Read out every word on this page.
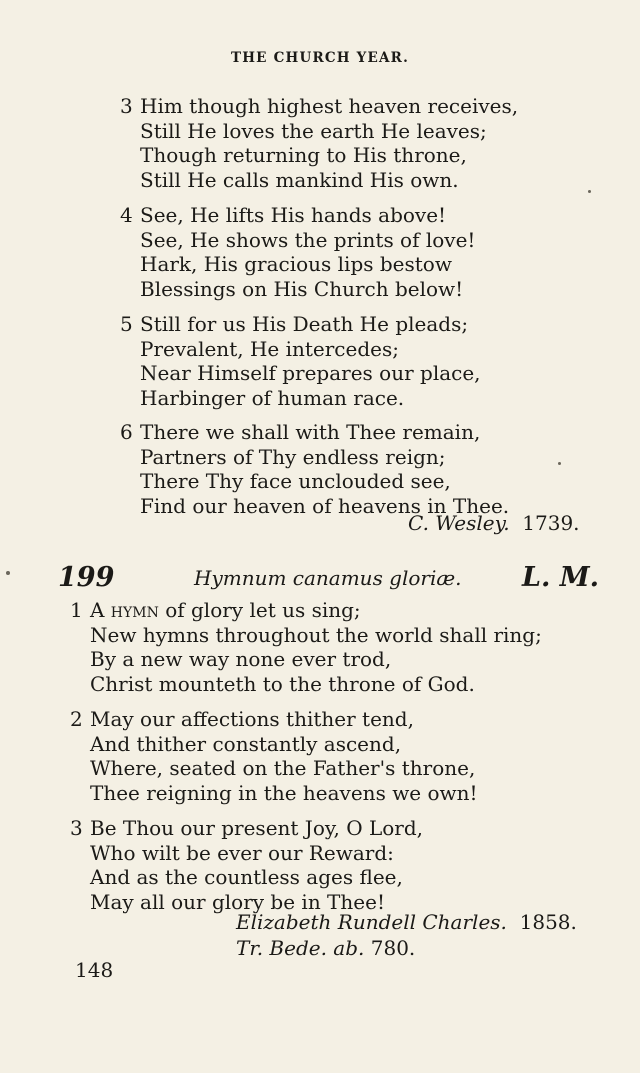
THE CHURCH YEAR.
3 Him though highest heaven receives,
Still He loves the earth He leaves;
Though returning to His throne,
Still He calls mankind His own.
4 See, He lifts His hands above!
See, He shows the prints of love!
Hark, His gracious lips bestow
Blessings on His Church below!
5 Still for us His Death He pleads;
Prevalent, He intercedes;
Near Himself prepares our place,
Harbinger of human race.
6 There we shall with Thee remain,
Partners of Thy endless reign;
There Thy face unclouded see,
Find our heaven of heavens in Thee.
C. Wesley. 1739.
199	Hymnum canamus gloriæ. L. M.
1 A hymn of glory let us sing;
New hymns throughout the world shall ring;
By a new way none ever trod,
Christ mounteth to the throne of God.
2 May our affections thither tend,
And thither constantly ascend,
Where, seated on the Father's throne,
Thee reigning in the heavens we own!
3 Be Thou our present Joy, O Lord,
Who wilt be ever our Reward:
And as the countless ages flee,
May all our glory be in Thee!
Elizabeth Rundell Charles. 1858.
Tr. Bede. ab. 780.
148
